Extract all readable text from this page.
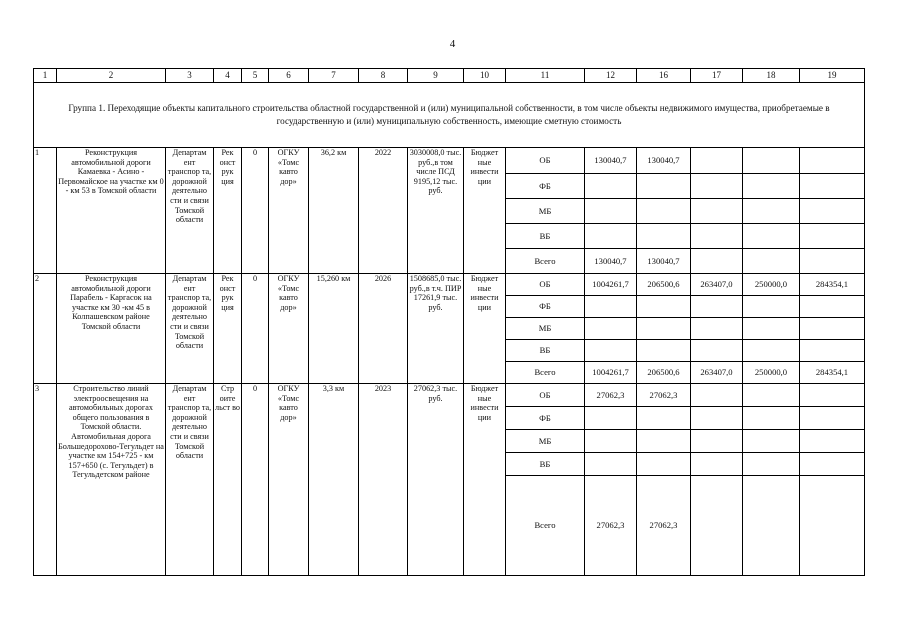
4
1	2	3	4	5	6	7	8	9	10	11	12	16	17	18	19
Группа 1. Переходящие объекты капитального строительства областной государственной и (или) муниципальной собственности, в том числе объекты недвижимого имущества, приобретаемые в государственную и (или) муниципальную собственность, имеющие сметную стоимость															
1	Реконструкция автомобильной дороги Камаевка - Асино - Первомайское на участке км 0 - км 53 в Томской области	Департам ент транспор та, дорожной деятельно сти и связи Томской области	Рек онст рук ция	0	ОГКУ «Томс кавто дор»	36,2 км	2022	3030008,0 тыс. руб.,в том числе ПСД 9195,12 тыс. руб.	Бюджет ные инвести ции	ОБ	130040,7	130040,7			
										ФБ					
										МБ					
										ВБ					
										Всего	130040,7	130040,7			
2	Реконструкция автомобильной дороги Парабель - Каргасок на участке км 30 -км 45 в Колпашевском районе Томской области	Департам ент транспор та, дорожной деятельно сти и связи Томской области	Рек онст рук ция	0	ОГКУ «Томс кавто дор»	15,260 км	2026	1508685,0 тыс. руб.,в т.ч. ПИР 17261,9 тыс. руб.	Бюджет ные инвести ции	ОБ	1004261,7	206500,6	263407,0	250000,0	284354,1
										ФБ					
										МБ					
										ВБ					
										Всего	1004261,7	206500,6	263407,0	250000,0	284354,1
3	Строительство линий электроосвещения на автомобильных дорогах общего пользования в Томской области. Автомобильная дорога Большедорохово-Тегульдет на участке км 154+725 - км 157+650 (с. Тегульдет) в Тегульдетском районе	Департам ент транспор та, дорожной деятельно сти и связи Томской области	Стр оите льст во	0	ОГКУ «Томс кавто дор»	3,3 км	2023	27062,3 тыс. руб.	Бюджет ные инвести ции	ОБ	27062,3	27062,3			
										ФБ					
										МБ					
										ВБ					
										Всего	27062,3	27062,3			
